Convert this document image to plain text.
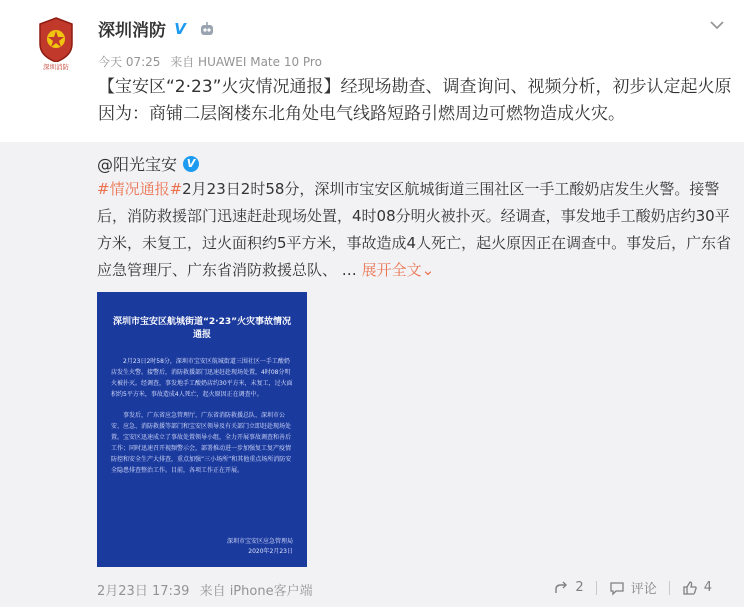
深圳消防
深圳消防 V
今天 07:25 来自 HUAWEI Mate 10 Pro
【宝安区“2·23”火灾情况通报】经现场勘查、调查询问、视频分析，初步认定起火原因为：商铺二层阁楼东北角处电气线路短路引燃周边可燃物造成火灾。
@阳光宝安 V
#情况通报#2月23日2时58分，深圳市宝安区航城街道三围社区一手工酸奶店发生火警。接警后，消防救援部门迅速赶赴现场处置，4时08分明火被扑灭。经调查，事发地手工酸奶店约30平方米，未复工，过火面积约5平方米，事故造成4人死亡，起火原因正在调查中。事发后，广东省应急管理厅、广东省消防救援总队、 … 展开全文⌄
深圳市宝安区航城街道“2·23”火灾事故情况通报

2月23日2时58分，深圳市宝安区航城街道三围社区一手工酸奶店发生火警。接警后，消防救援部门迅速赶赴现场处置，4时08分明火被扑灭。经调查，事发地手工酸奶店约30平方米，未复工，过火面积约5平方米，事故造成4人死亡，起火原因正在调查中。

事发后，广东省应急管理厅、广东省消防救援总队、深圳市公安、应急、消防救援等部门和宝安区领导及有关部门立即赶赴现场处置。宝安区迅速成立了事故处置领导小组，全力开展事故调查和善后工作；同时迅速召开视频警示会，部署推动进一步加强复工复产疫情防控和安全生产大排查，重点加强“三小场所”和其他重点场所消防安全隐患排查整治工作。目前，各项工作正在开展。

深圳市宝安区应急管理局
2020年2月23日
2月23日 17:39 来自 iPhone客户端	2	评论	4
